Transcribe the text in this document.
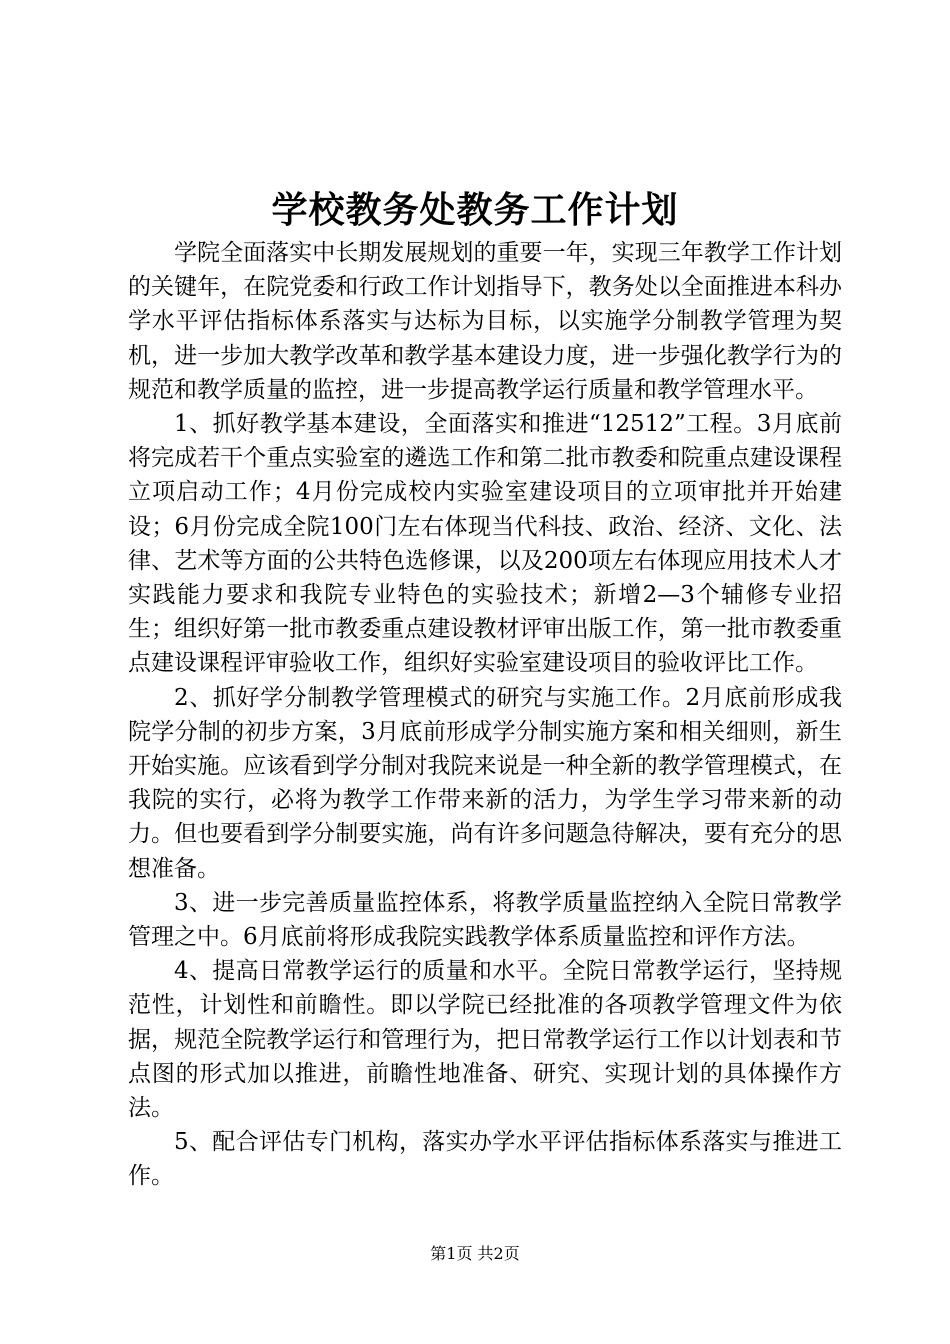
学校教务处教务工作计划

学院全面落实中长期发展规划的重要一年，实现三年教学工作计划的关键年，在院党委和行政工作计划指导下，教务处以全面推进本科办学水平评估指标体系落实与达标为目标，以实施学分制教学管理为契机，进一步加大教学改革和教学基本建设力度，进一步强化教学行为的规范和教学质量的监控，进一步提高教学运行质量和教学管理水平。

1、抓好教学基本建设，全面落实和推进“12512”工程。3月底前将完成若干个重点实验室的遴选工作和第二批市教委和院重点建设课程立项启动工作；4月份完成校内实验室建设项目的立项审批并开始建设；6月份完成全院100门左右体现当代科技、政治、经济、文化、法律、艺术等方面的公共特色选修课，以及200项左右体现应用技术人才实践能力要求和我院专业特色的实验技术；新增2—3个辅修专业招生；组织好第一批市教委重点建设教材评审出版工作，第一批市教委重点建设课程评审验收工作，组织好实验室建设项目的验收评比工作。

2、抓好学分制教学管理模式的研究与实施工作。2月底前形成我院学分制的初步方案，3月底前形成学分制实施方案和相关细则，新生开始实施。应该看到学分制对我院来说是一种全新的教学管理模式，在我院的实行，必将为教学工作带来新的活力，为学生学习带来新的动力。但也要看到学分制要实施，尚有许多问题急待解决，要有充分的思想准备。

3、进一步完善质量监控体系，将教学质量监控纳入全院日常教学管理之中。6月底前将形成我院实践教学体系质量监控和评作方法。

4、提高日常教学运行的质量和水平。全院日常教学运行，坚持规范性，计划性和前瞻性。即以学院已经批准的各项教学管理文件为依据，规范全院教学运行和管理行为，把日常教学运行工作以计划表和节点图的形式加以推进，前瞻性地准备、研究、实现计划的具体操作方法。

5、配合评估专门机构，落实办学水平评估指标体系落实与推进工作。

第1页 共2页
